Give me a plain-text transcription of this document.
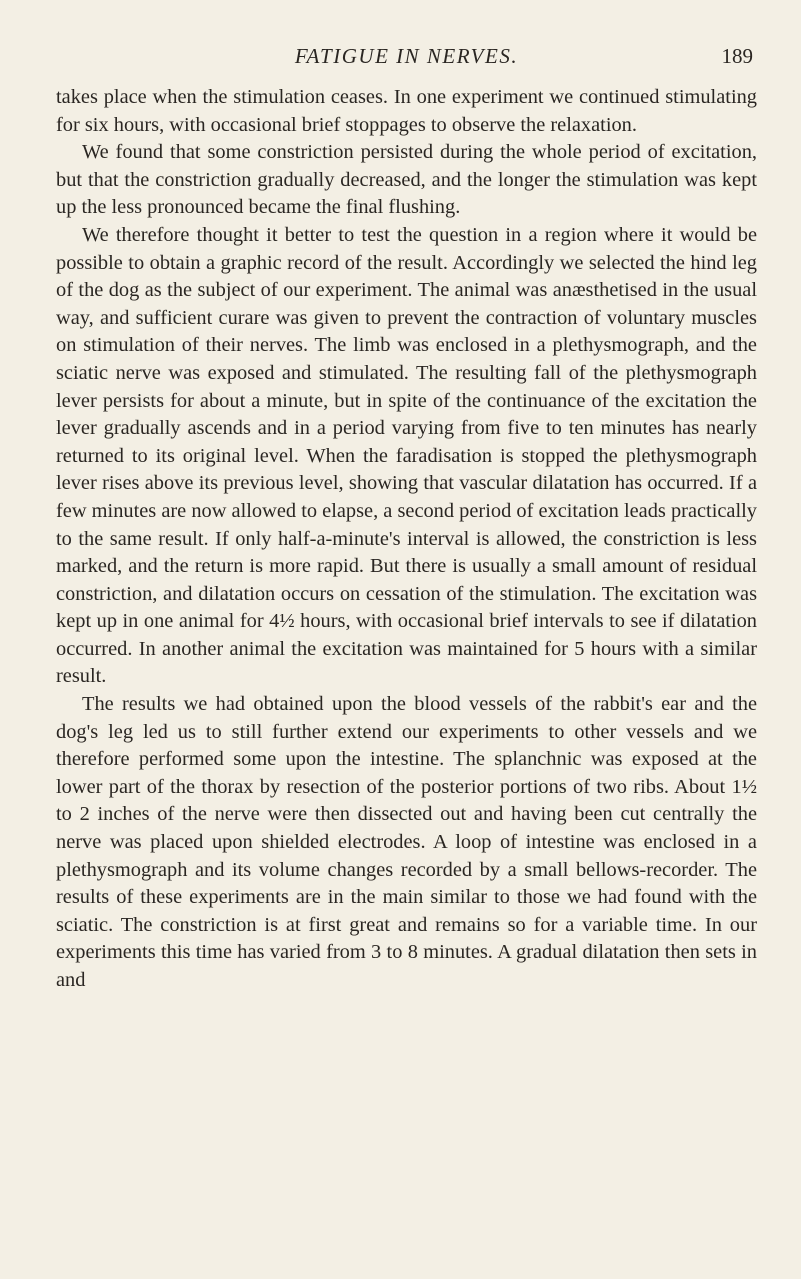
FATIGUE IN NERVES.	189

takes place when the stimulation ceases. In one experiment we continued stimulating for six hours, with occasional brief stoppages to observe the relaxation.

We found that some constriction persisted during the whole period of excitation, but that the constriction gradually decreased, and the longer the stimulation was kept up the less pronounced became the final flushing.

We therefore thought it better to test the question in a region where it would be possible to obtain a graphic record of the result. Accordingly we selected the hind leg of the dog as the subject of our experiment. The animal was anæsthetised in the usual way, and sufficient curare was given to prevent the contraction of voluntary muscles on stimulation of their nerves. The limb was enclosed in a plethysmograph, and the sciatic nerve was exposed and stimulated. The resulting fall of the plethysmograph lever persists for about a minute, but in spite of the continuance of the excitation the lever gradually ascends and in a period varying from five to ten minutes has nearly returned to its original level. When the faradisation is stopped the plethysmograph lever rises above its previous level, showing that vascular dilatation has occurred. If a few minutes are now allowed to elapse, a second period of excitation leads practically to the same result. If only half-a-minute's interval is allowed, the constriction is less marked, and the return is more rapid. But there is usually a small amount of residual constriction, and dilatation occurs on cessation of the stimulation. The excitation was kept up in one animal for 4½ hours, with occasional brief intervals to see if dilatation occurred. In another animal the excitation was maintained for 5 hours with a similar result.

The results we had obtained upon the blood vessels of the rabbit's ear and the dog's leg led us to still further extend our experiments to other vessels and we therefore performed some upon the intestine. The splanchnic was exposed at the lower part of the thorax by resection of the posterior portions of two ribs. About 1½ to 2 inches of the nerve were then dissected out and having been cut centrally the nerve was placed upon shielded electrodes. A loop of intestine was enclosed in a plethysmograph and its volume changes recorded by a small bellows-recorder. The results of these experiments are in the main similar to those we had found with the sciatic. The constriction is at first great and remains so for a variable time. In our experiments this time has varied from 3 to 8 minutes. A gradual dilatation then sets in and
